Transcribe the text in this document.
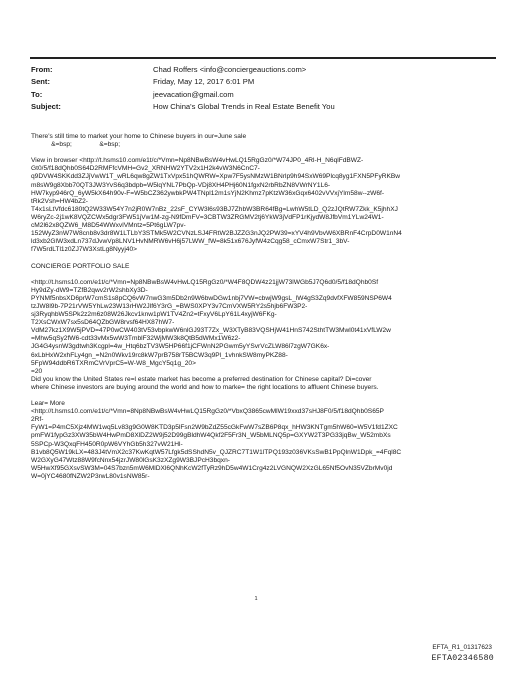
From:	Chad Roffers <info@conciergeauctions.com>
Sent:	Friday, May 12, 2017 6:01 PM
To:	jeevacation@gmail.com
Subject:	How China's Global Trends in Real Estate Benefit You
There's still time to market your home to Chinese buyers in our=June sale
&=bsp;               &=bsp;
View in browser <http://t.hsms10.com/e1t/c/*Vmn=Np8NBwBsW4vHwLQ15RgGz0/*W74JP0_4Rl-H_N6qlFdBWZ-
Gt0/5/f18dQhb0S64D2RMFfcVMH=Gv2_XRNHW2YTV2x1H2k4vW3N6CnC7-
q9DVW4SKKdd3ZJjVwW1T_wRL6qw8gZW1TxVpx51hQWRW=Xpw7F5ysNMzW1BNrlp9h94SxW69Plcq8yg1FXN5PFyRKBw
m8sW9g8Xbb70QT3JW3YvS6q3bdpb=W5lqYNL7PbQp-VDj8XH4PHj60N1fgxN2rbRbZN8VWrNY1L6-
HW7kyp946rQ_6yW5kX64h90v-F=W5bCZ362ywbkPW4TNpl12m1sYjN2Khmz7pKtzW36xGqx6402vVVxjYlm58w--zW6f-
tRk2Vsh=HW4bZ2-
T4x1sLtVfdc6180tQ2W33W54Y7n2jR0W7nBz_22sF_CYW3l6s93BJ7ZhbW3BR64fBg=LwhW5tLD_Q2zJQtRW7Zkk_K5jhhXJ
W6ryZc-2j1wK8VQZCWx5dgr3FW51jVw1M-zg-N9fDmFV=3CBTW3ZRGMV2tj6YkW3jVdFP1rKjydW8JfbVm1YLw24W1-
cM2l62x8QZW6_M8D54WWxvlVMntz=5Pt6gLW7pv-
152WyZ3nW7W8cnb8v3dr8W1LTLbY3STMk5W2CVNzLSJ4FRtW2BJZZG3nJQ2PW39=xYV4h9VbvW6XBRnF4CrpD0W1nN4
ld3xb2GlW3xdLn737dJvwVp8LNV1HvNMRW6vH6j57LWW_fW=8k51x676JyfW4zCqg58_cCmxW7Str1_3bV-
f7W5rdLTl1z0ZJ7W3XstLg8Nyyj40>
CONCIERGE PORTFOLIO SALE
<http://t.hsms10.com/e1t/c/*Vmn=Np8NBwBsW4vHwLQ15RgGz0/*W4F8QDW4z21jjW73lWGb5J7Q6d0/5/f18dQhb0Sf
Hy9dZy-dW9=TZfB2qwv2rW2shbXy3D-
PYNMf5nbsXD6prW7cmS1s8pCQ6vW7nwG3m5Db2n9W6bwDGw1nbj7VW=cbwjW9gsL_lW4gS3Zq9dvfXFW859NSP6W4
tzJW8l9b-7P21rVW5YhLw23W13rHW2Jlf6Y3rG_=BWS0XPY3v7CmVXW5RY2s5hjb6FW3P2-
sj3RyqhbW5SPk2z2m6z08W26Jkcv1knw1pW1TV4Zn2=tFxyV6LpY61L4xyjW6FKg-
T2XsCWxW7sx5sD64QZbGW8rvsf64HX87hW7-
VdM27kz1X9W5jPVD=47P0wCW403tV53vbpkwW6nlGJ93T7Zx_W3XTyB83VQSHjW41HnS742SthtTW3Mwl0t41xVfLW2w
=Mhw5qSy2fW6-cdt33vMx5wW3TmblF32WjMW3k8QtB5dWMx1W6z2-
JG4G4ysnW3gdtwh3Kcgpl=4w_Htq6bzTV3W5HP66f1jCFWnN2PGwm5yYSvrVcZLW86l7zgW7GK6x-
6xLbHxW2xhFLy4gn_=N2n0Wkv19rc8kW7prB758rT5BCW3q9Pl_1vhnkSW8myPKZ88-
5FpW94ddbR6TXRmCVrVprC5=W-W8_MgcY5q1g_20>
=20
Did you know the United States re=l estate market has become a preferred destination for Chinese capital? Di=cover
where Chinese investors are buying around the world and how to marke= the right locations to affluent Chinese buyers.
Lear= More
<http://t.hsms10.com/e1t/c/*Vmn=8Np8NBwBsW4vHwLQ15RgGz0/*VbxQ3865cwMlW19xxd37sHJ8F0/5/f18dQhb0S65P
2Rf-
FyW1=P4mC5Xjz4MW1wq5Lv83g9G0W8KTD3p5lFsn2W9bZdZ55cGkFwW7sZB6P8qx_hHW3KNTgm5hW60=W5V1fd1ZXC
pmFW1fypGz3XW35bW4HwPmD8XlDZ2W9j52D99gBldhW4Qkf2F5Fr3N_W5bMLNQ5p=GXYW2T3PG33jqBw_W52mbXs
5SPCp-W3QxqFH450R0pW6VYhGb5h327vW21Hl-
B1vb8Q5W19kLX=483J4tVmX2c37KwKqtW57Lfgk5dSShdN5v_QJZRC7T1W1lTPQ193z036VKsSwB1PpQlnW1Dpk_=4Fql8C
W2GXyG47Wtz88W9fcNnx54jzrJW80lGsK3zXZg9W3BJPcH3bqxn-
W5HwXf95GXsvSW3M=04S7bzn5mW6MlDXl6QNhKcW2fTyRz9hD5w4W1Crg4z2LVGNQW2XzGL65Nf5OvN35VZbrMv0jd
W=0jYC4680fNZW2P3rwL80v1sNW85r-
1
EFTA_R1_01317623
EFTA02346580
